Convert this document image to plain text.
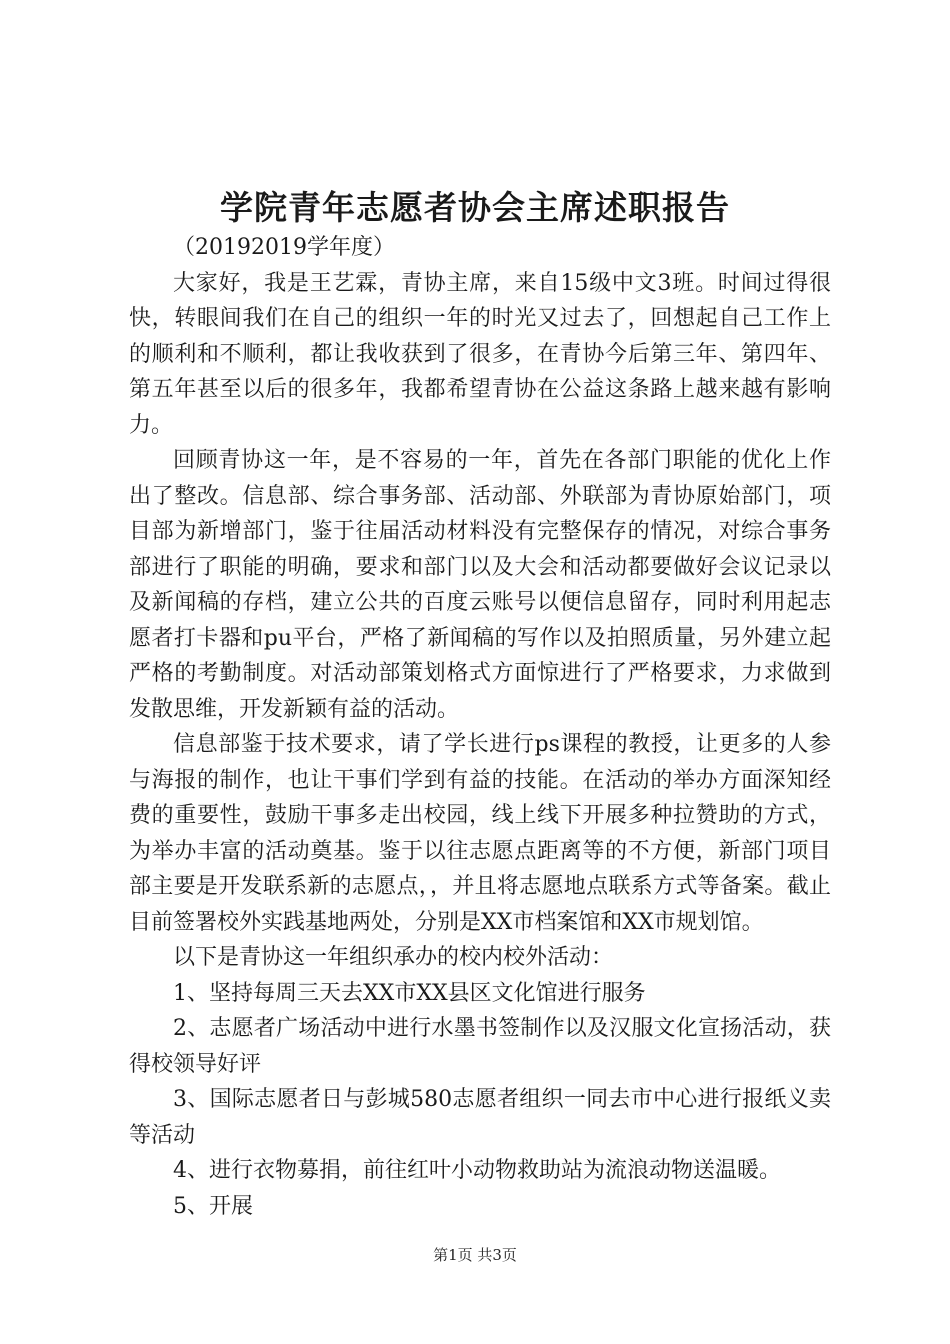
学院青年志愿者协会主席述职报告

（20192019学年度）

大家好，我是王艺霖，青协主席，来自15级中文3班。时间过得很快，转眼间我们在自己的组织一年的时光又过去了，回想起自己工作上的顺利和不顺利，都让我收获到了很多，在青协今后第三年、第四年、第五年甚至以后的很多年，我都希望青协在公益这条路上越来越有影响力。

回顾青协这一年，是不容易的一年，首先在各部门职能的优化上作出了整改。信息部、综合事务部、活动部、外联部为青协原始部门，项目部为新增部门，鉴于往届活动材料没有完整保存的情况，对综合事务部进行了职能的明确，要求和部门以及大会和活动都要做好会议记录以及新闻稿的存档，建立公共的百度云账号以便信息留存，同时利用起志愿者打卡器和pu平台，严格了新闻稿的写作以及拍照质量，另外建立起严格的考勤制度。对活动部策划格式方面惊进行了严格要求，力求做到发散思维，开发新颖有益的活动。

信息部鉴于技术要求，请了学长进行ps课程的教授，让更多的人参与海报的制作，也让干事们学到有益的技能。在活动的举办方面深知经费的重要性，鼓励干事多走出校园，线上线下开展多种拉赞助的方式，为举办丰富的活动奠基。鉴于以往志愿点距离等的不方便，新部门项目部主要是开发联系新的志愿点，，并且将志愿地点联系方式等备案。截止目前签署校外实践基地两处，分别是XX市档案馆和XX市规划馆。

以下是青协这一年组织承办的校内校外活动：

1、坚持每周三天去XX市XX县区文化馆进行服务

2、志愿者广场活动中进行水墨书签制作以及汉服文化宣扬活动，获得校领导好评

3、国际志愿者日与彭城580志愿者组织一同去市中心进行报纸义卖等活动

4、进行衣物募捐，前往红叶小动物救助站为流浪动物送温暖。

5、开展

第1页 共3页
